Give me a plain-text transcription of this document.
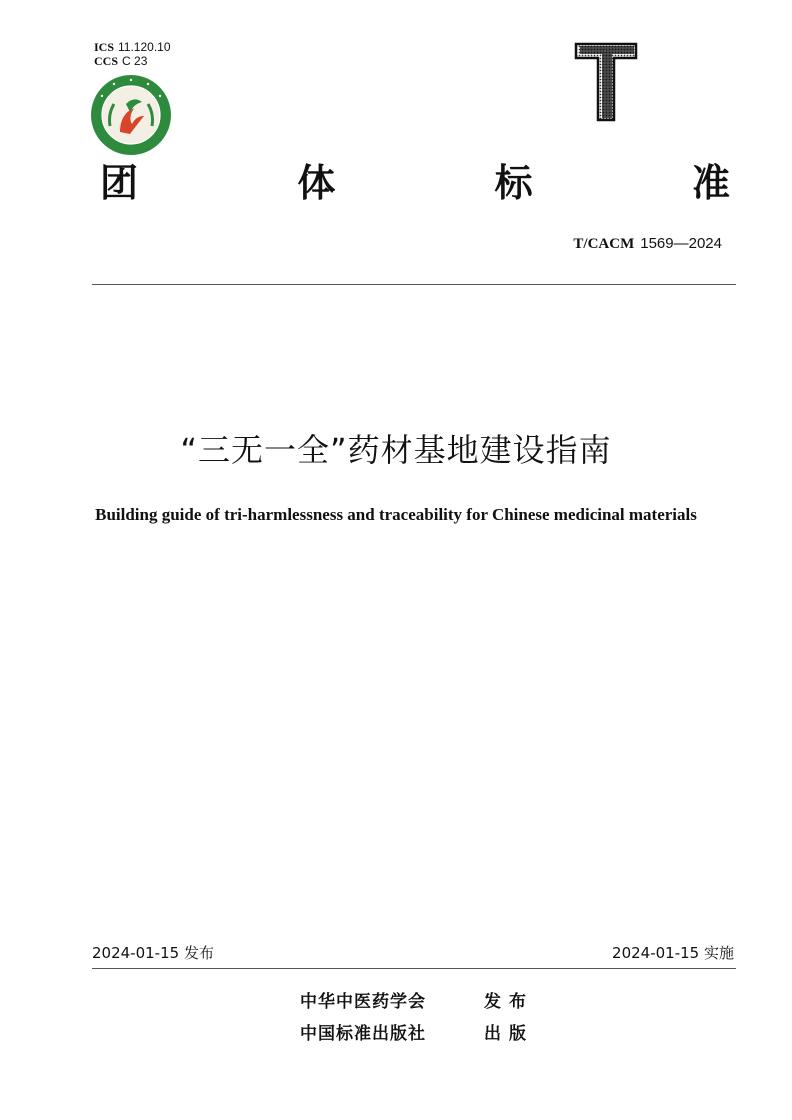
ICS 11.120.10
CCS C 23
T
团	体	标	准
T/CACM 1569—2024
“三无一全”药材基地建设指南
Building guide of tri-harmlessness and traceability for Chinese medicinal materials
2024-01-15 发布	2024-01-15 实施
中华中医药学会	发布
中国标准出版社	出版
